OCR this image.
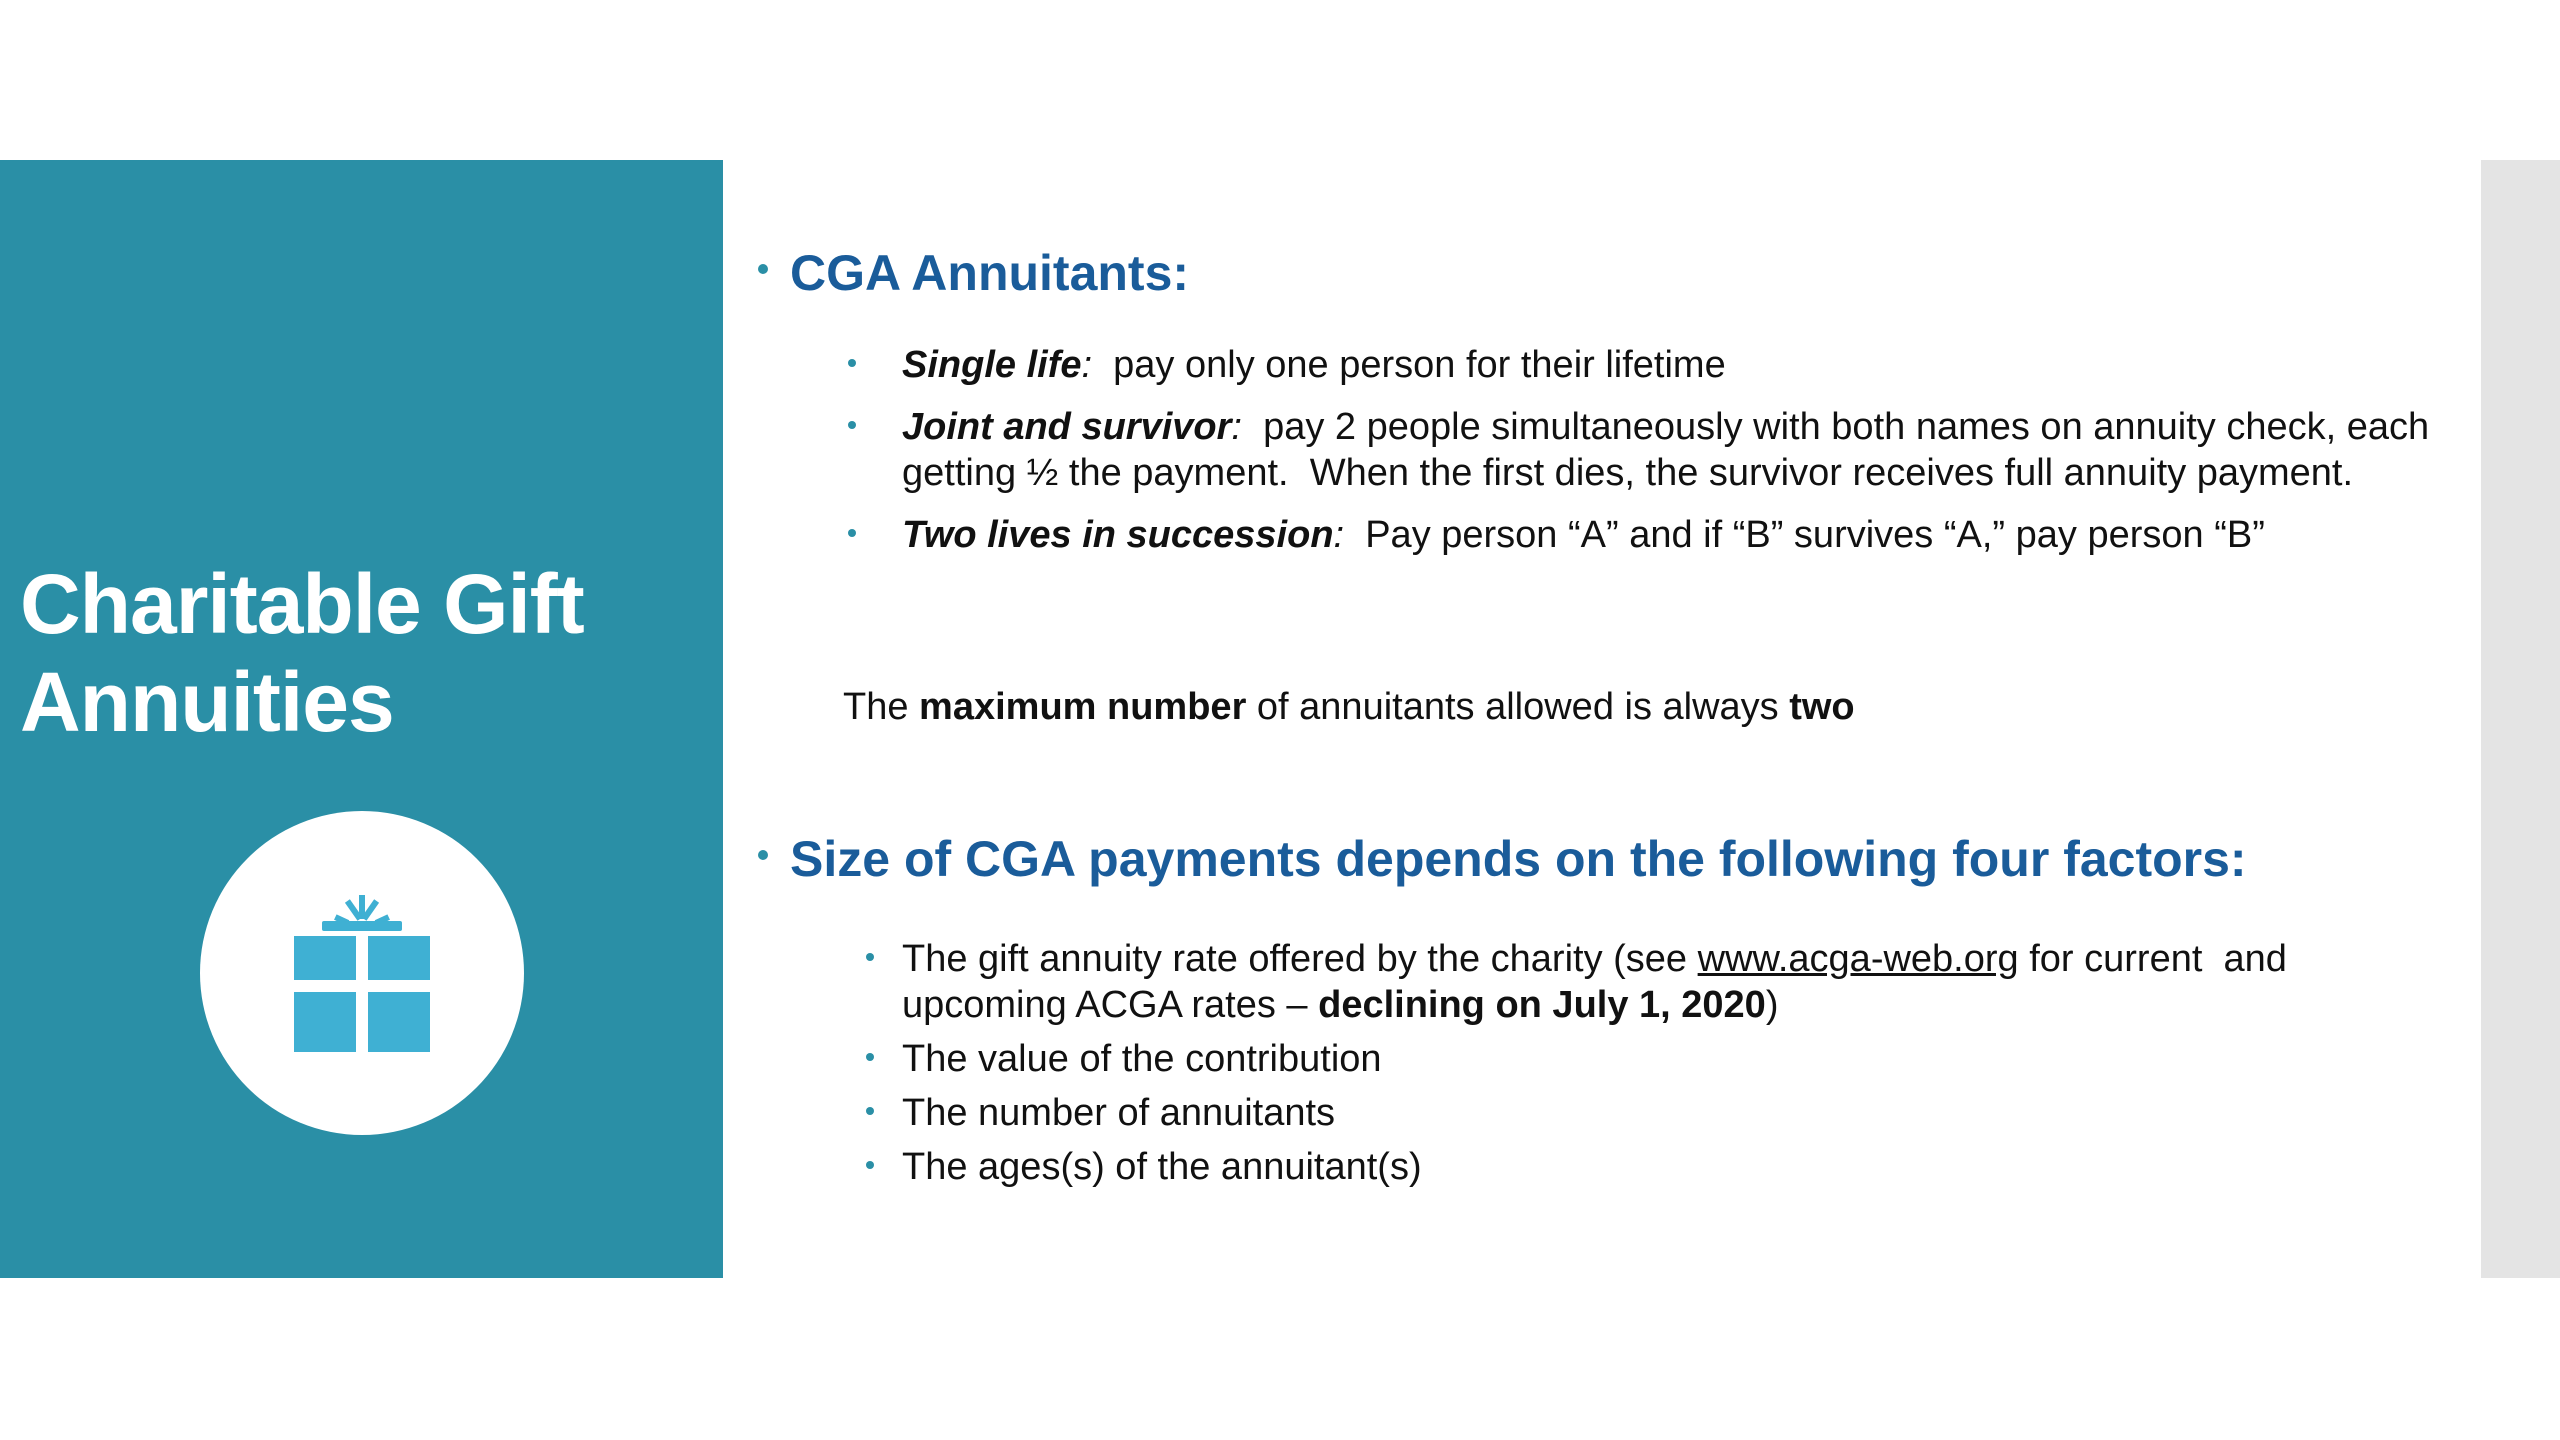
Charitable Gift Annuities
CGA Annuitants:
Single life:  pay only one person for their lifetime
Joint and survivor:  pay 2 people simultaneously with both names on annuity check, each getting ½ the payment.  When the first dies, the survivor receives full annuity payment.
Two lives in succession:  Pay person “A” and if “B” survives “A,” pay person “B”

The maximum number of annuitants allowed is always two

Size of CGA payments depends on the following four factors:
The gift annuity rate offered by the charity (see www.acga-web.org for current  and upcoming ACGA rates – declining on July 1, 2020)
The value of the contribution
The number of annuitants
The ages(s) of the annuitant(s)
